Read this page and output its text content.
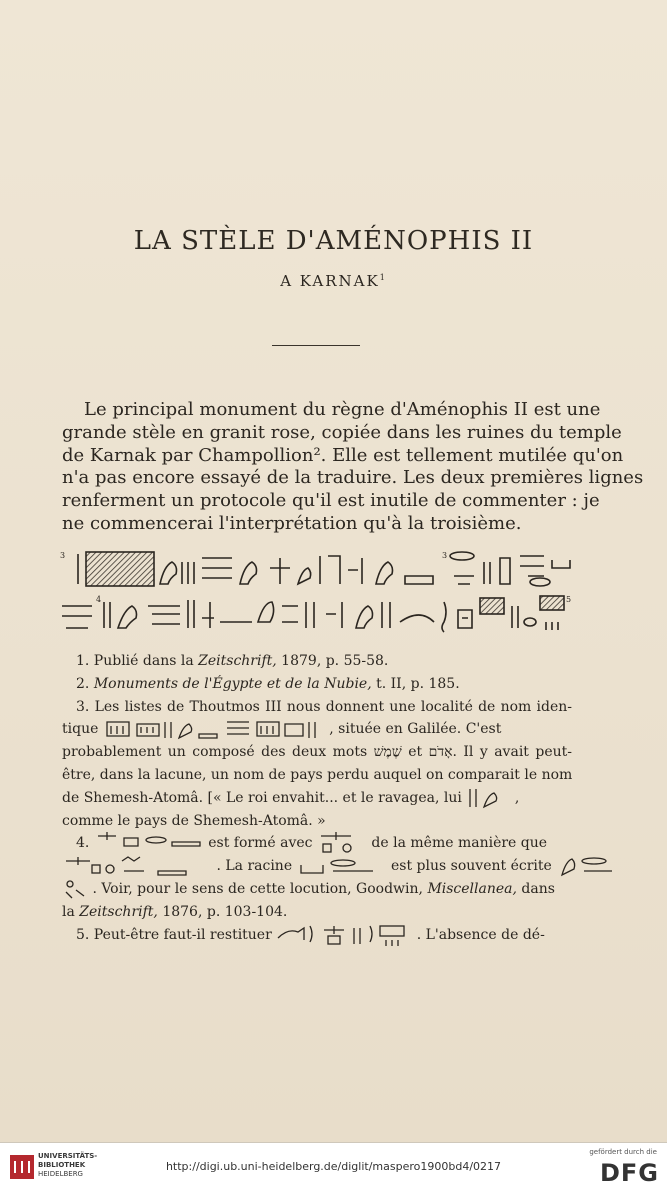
LA STÈLE D'AMÉNOPHIS II
A KARNAK$^1$
Le principal monument du règne d'Aménophis II est une
grande stèle en granit rose, copiée dans les ruines du temple
de Karnak par Champollion². Elle est tellement mutilée qu'on
n'a pas encore essayé de la traduire. Les deux premières lignes
renferment un protocole qu'il est inutile de commenter : je
ne commencerai l'interprétation qu'à la troisième.
3	3
4	5
1. Publié dans la Zeitschrift, 1879, p. 55-58.
2. Monuments de l'Égypte et de la Nubie, t. II, p. 185.
3. Les listes de Thoutmos III nous donnent une localité de nom iden-
tique	, située en Galilée. C'est
probablement un composé des deux mots שֶׁמֶשׁ et אָדֹם. Il y avait peut-
être, dans la lacune, un nom de pays perdu auquel on comparait le nom
de Shemesh-Atomâ. [« Le roi envahit... et le ravagea, lui	,
comme le pays de Shemesh-Atomâ. »
4.	est formé avec	de la même manière que
. La racine	est plus souvent écrite
. Voir, pour le sens de cette locution, Goodwin, Miscellanea, dans
la Zeitschrift, 1876, p. 103-104.
5. Peut-être faut-il restituer	. L'absence de dé-
UNIVERSITÄTS-
BIBLIOTHEK
HEIDELBERG
http://digi.ub.uni-heidelberg.de/diglit/maspero1900bd4/0217
gefördert durch die
DFG
